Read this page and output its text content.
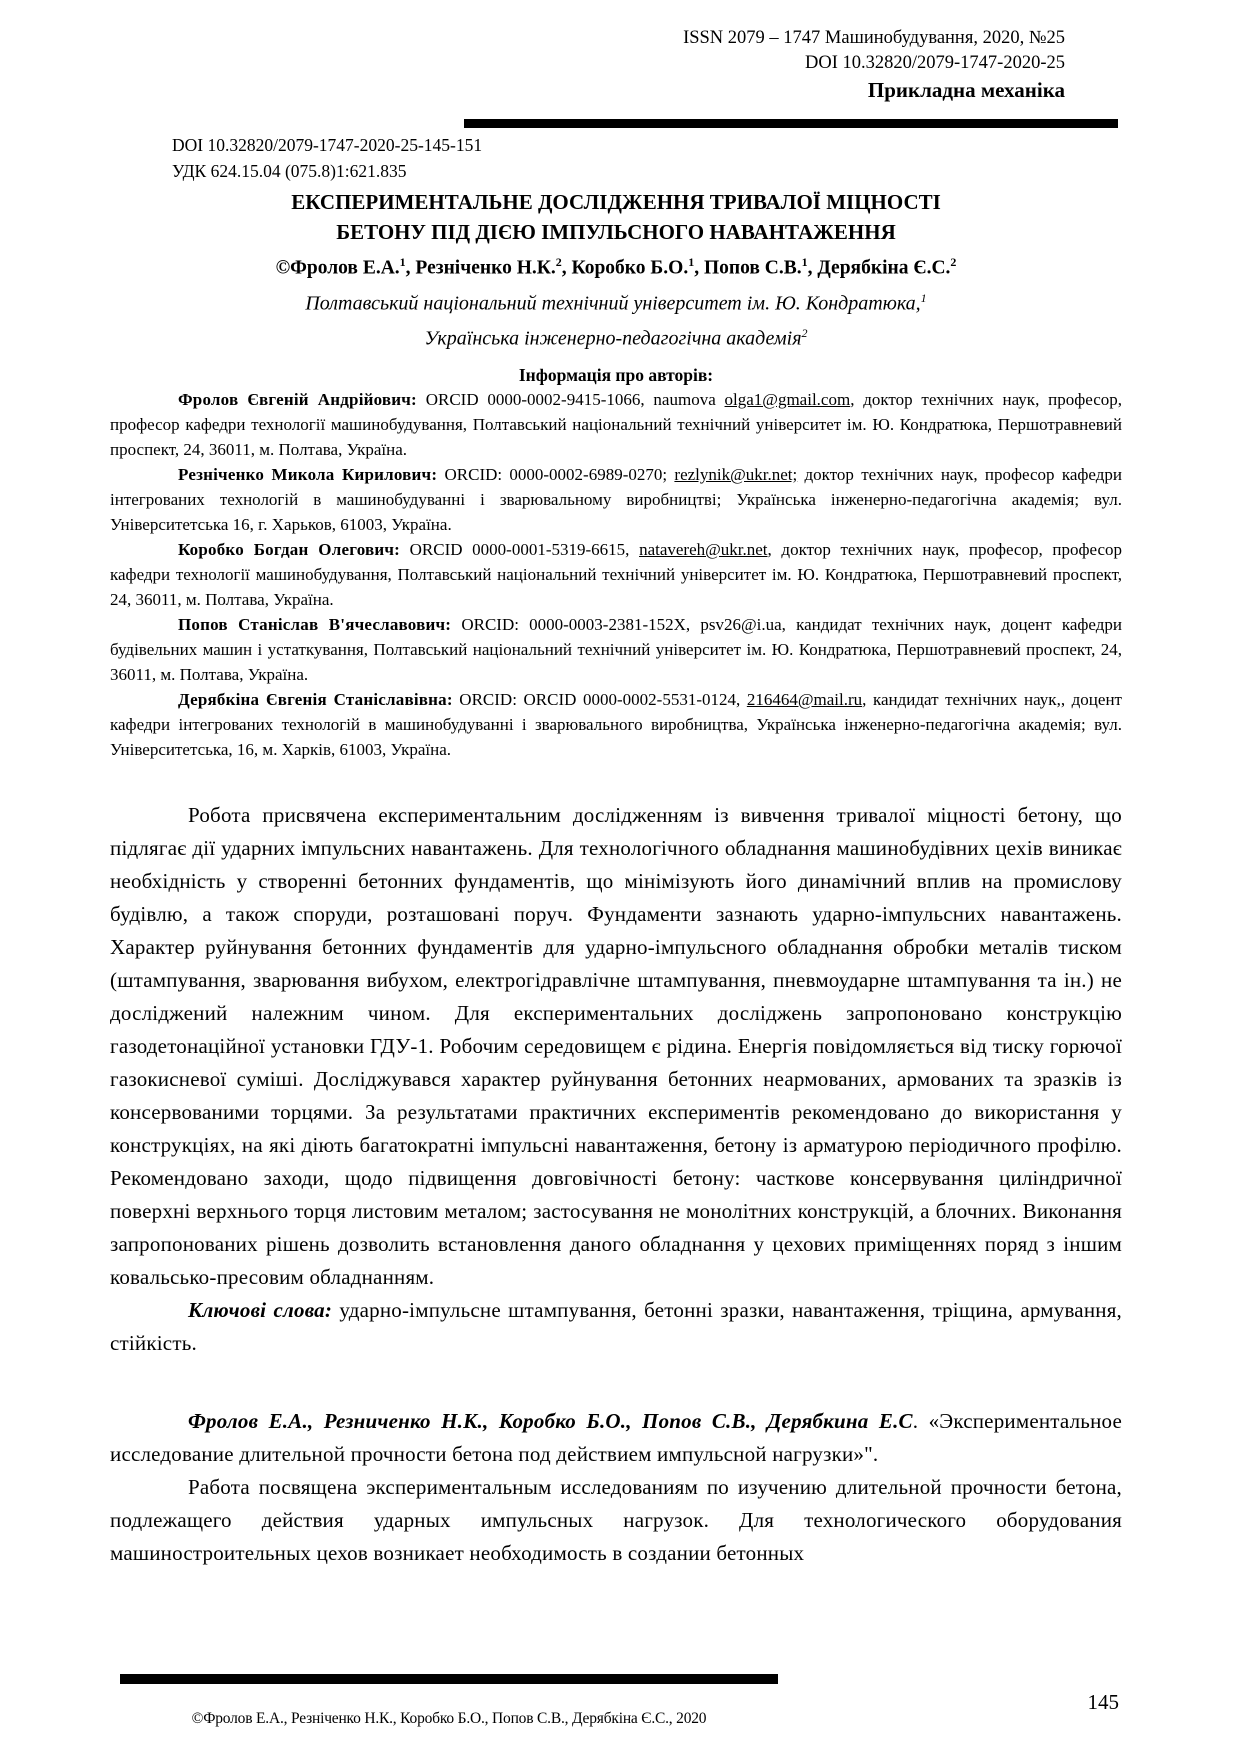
ISSN 2079 – 1747 Машинобудування, 2020, №25
DOI 10.32820/2079-1747-2020-25
Прикладна механіка
DOI 10.32820/2079-1747-2020-25-145-151
УДК 624.15.04 (075.8)1:621.835
ЕКСПЕРИМЕНТАЛЬНЕ ДОСЛІДЖЕННЯ ТРИВАЛОЇ МІЦНОСТІ
БЕТОНУ ПІД ДІЄЮ ІМПУЛЬСНОГО НАВАНТАЖЕННЯ
©Фролов Е.А.$^1$, Резніченко Н.К.$^2$, Коробко Б.О.$^1$, Попов С.В.$^1$, Дерябкіна Є.С.$^2$
Полтавський національний технічний університет ім. Ю. Кондратюка,$^1$
Українська інженерно-педагогічна академія$^2$
Інформація про авторів:

Фролов Євгеній Андрійович: ORCID 0000-0002-9415-1066, naumova olga1@gmail.com, доктор технічних наук, професор, професор кафедри технології машинобудування, Полтавський національний технічний університет ім. Ю. Кондратюка, Першотравневий проспект, 24, 36011, м. Полтава, Україна.

Резніченко Микола Кирилович: ORCID: 0000-0002-6989-0270; rezlynik@ukr.net; доктор технічних наук, професор кафедри інтегрованих технологій в машинобудуванні і зварювальному виробництві; Українська інженерно-педагогічна академія; вул. Університетська 16, г. Харьков, 61003, Україна.

Коробко Богдан Олегович: ORCID 0000-0001-5319-6615, natavereh@ukr.net, доктор технічних наук, професор, професор кафедри технології машинобудування, Полтавський національний технічний університет ім. Ю. Кондратюка, Першотравневий проспект, 24, 36011, м. Полтава, Україна.

Попов Станіслав В'ячеславович: ORCID: 0000-0003-2381-152X, psv26@i.ua, кандидат технічних наук, доцент кафедри будівельних машин і устаткування, Полтавський національний технічний університет ім. Ю. Кондратюка, Першотравневий проспект, 24, 36011, м. Полтава, Україна.

Дерябкіна Євгенія Станіславівна: ORCID: ORCID 0000-0002-5531-0124, 216464@mail.ru, кандидат технічних наук,, доцент кафедри інтегрованих технологій в машинобудуванні і зварювального виробництва, Українська інженерно-педагогічна академія; вул. Університетська, 16, м. Харків, 61003, Україна.

Робота присвячена експериментальним дослідженням із вивчення тривалої міцності бетону, що підлягає дії ударних імпульсних навантажень. Для технологічного обладнання машинобудівних цехів виникає необхідність у створенні бетонних фундаментів, що мінімізують його динамічний вплив на промислову будівлю, а також споруди, розташовані поруч. Фундаменти зазнають ударно-імпульсних навантажень. Характер руйнування бетонних фундаментів для ударно-імпульсного обладнання обробки металів тиском (штампування, зварювання вибухом, електрогідравлічне штампування, пневмоударне штампування та ін.) не досліджений належним чином. Для експериментальних досліджень запропоновано конструкцію газодетонаційної установки ГДУ-1. Робочим середовищем є рідина. Енергія повідомляється від тиску горючої газокисневої суміші. Досліджувався характер руйнування бетонних неармованих, армованих та зразків із консервованими торцями. За результатами практичних експериментів рекомендовано до використання у конструкціях, на які діють багатократні імпульсні навантаження, бетону із арматурою періодичного профілю. Рекомендовано заходи, щодо підвищення довговічності бетону: часткове консервування циліндричної поверхні верхнього торця листовим металом; застосування не монолітних конструкцій, а блочних. Виконання запропонованих рішень дозволить встановлення даного обладнання у цехових приміщеннях поряд з іншим ковальсько-пресовим обладнанням.

Ключові слова: ударно-імпульсне штампування, бетонні зразки, навантаження, тріщина, армування, стійкість.

Фролов Е.А., Резниченко Н.К., Коробко Б.О., Попов С.В., Дерябкина Е.С. «Экспериментальное исследование длительной прочности бетона под действием импульсной нагрузки»".

Работа посвящена экспериментальным исследованиям по изучению длительной прочности бетона, подлежащего действия ударных импульсных нагрузок. Для технологического оборудования машиностроительных цехов возникает необходимость в создании бетонных

©Фролов Е.А., Резніченко Н.К., Коробко Б.О., Попов С.В., Дерябкіна Є.С., 2020
145
